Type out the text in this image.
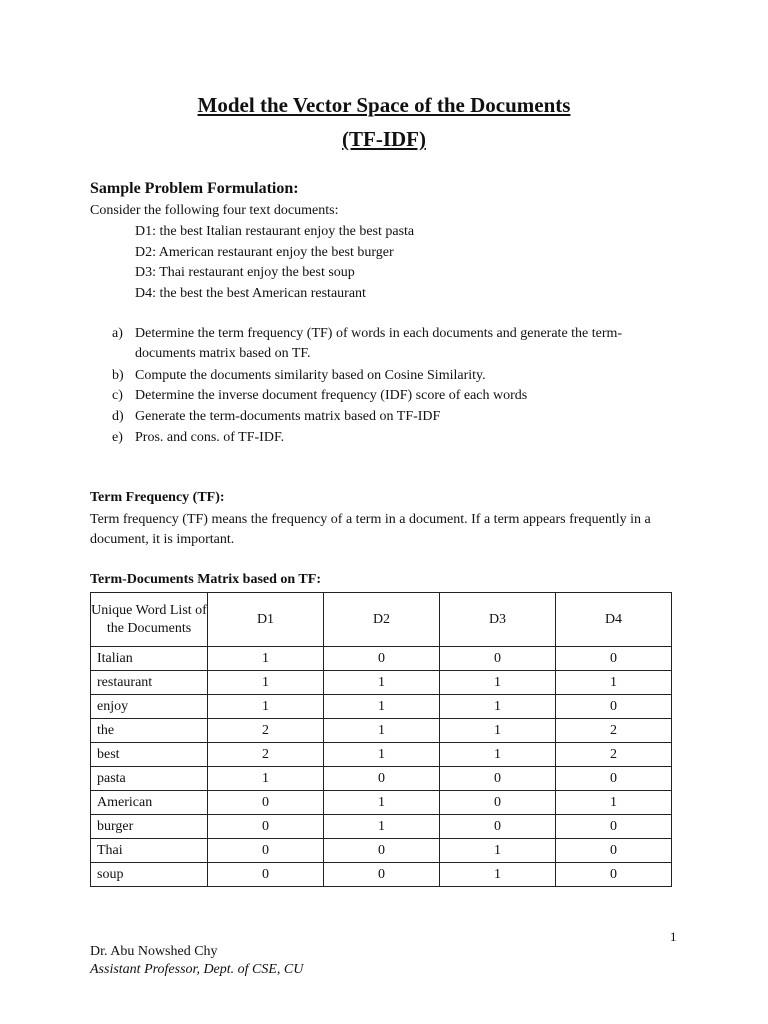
Model the Vector Space of the Documents
(TF-IDF)
Sample Problem Formulation:
Consider the following four text documents:
D1: the best Italian restaurant enjoy the best pasta
D2: American restaurant enjoy the best burger
D3: Thai restaurant enjoy the best soup
D4: the best the best American restaurant
a) Determine the term frequency (TF) of words in each documents and generate the term-documents matrix based on TF.
b) Compute the documents similarity based on Cosine Similarity.
c) Determine the inverse document frequency (IDF) score of each words
d) Generate the term-documents matrix based on TF-IDF
e) Pros. and cons. of TF-IDF.
Term Frequency (TF):
Term frequency (TF) means the frequency of a term in a document. If a term appears frequently in a document, it is important.
Term-Documents Matrix based on TF:
Unique Word List of the Documents	D1	D2	D3	D4
Italian	1	0	0	0
restaurant	1	1	1	1
enjoy	1	1	1	0
the	2	1	1	2
best	2	1	1	2
pasta	1	0	0	0
American	0	1	0	1
burger	0	1	0	0
Thai	0	0	1	0
soup	0	0	1	0
1
Dr. Abu Nowshed Chy
Assistant Professor, Dept. of CSE, CU
